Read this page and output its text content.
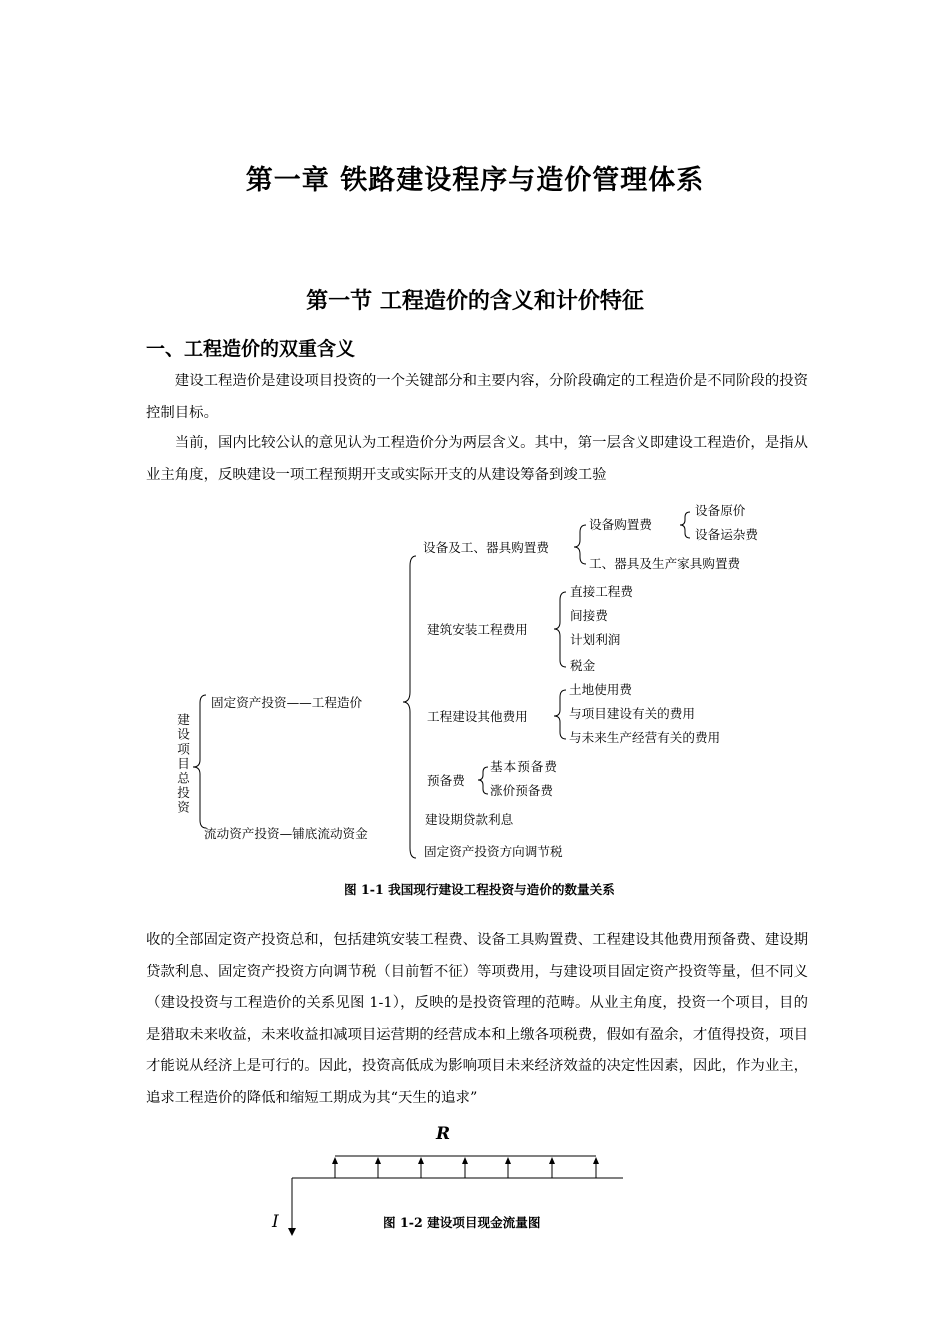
第一章 铁路建设程序与造价管理体系
第一节 工程造价的含义和计价特征
一、工程造价的双重含义
建设工程造价是建设项目投资的一个关键部分和主要内容，分阶段确定的工程造价是不同阶段的投资控制目标。
当前，国内比较公认的意见认为工程造价分为两层含义。其中，第一层含义即建设工程造价，是指从业主角度，反映建设一项工程预期开支或实际开支的从建设筹备到竣工验
建设项目总投资
固定资产投资——工程造价
流动资产投资—铺底流动资金
设备及工、器具购置费
设备购置费
设备原价
设备运杂费
工、器具及生产家具购置费
建筑安装工程费用
直接工程费
间接费
计划利润
税金
工程建设其他费用
土地使用费
与项目建设有关的费用
与未来生产经营有关的费用
预备费
基本预备费
涨价预备费
建设期贷款利息
固定资产投资方向调节税
图 1-1 我国现行建设工程投资与造价的数量关系
收的全部固定资产投资总和，包括建筑安装工程费、设备工具购置费、工程建设其他费用预备费、建设期贷款利息、固定资产投资方向调节税（目前暂不征）等项费用，与建设项目固定资产投资等量，但不同义（建设投资与工程造价的关系见图 1-1），反映的是投资管理的范畴。从业主角度，投资一个项目，目的是猎取未来收益，未来收益扣减项目运营期的经营成本和上缴各项税费，假如有盈余，才值得投资，项目才能说从经济上是可行的。因此，投资高低成为影响项目未来经济效益的决定性因素，因此，作为业主，追求工程造价的降低和缩短工期成为其“天生的追求”
R
I	图 1-2 建设项目现金流量图
